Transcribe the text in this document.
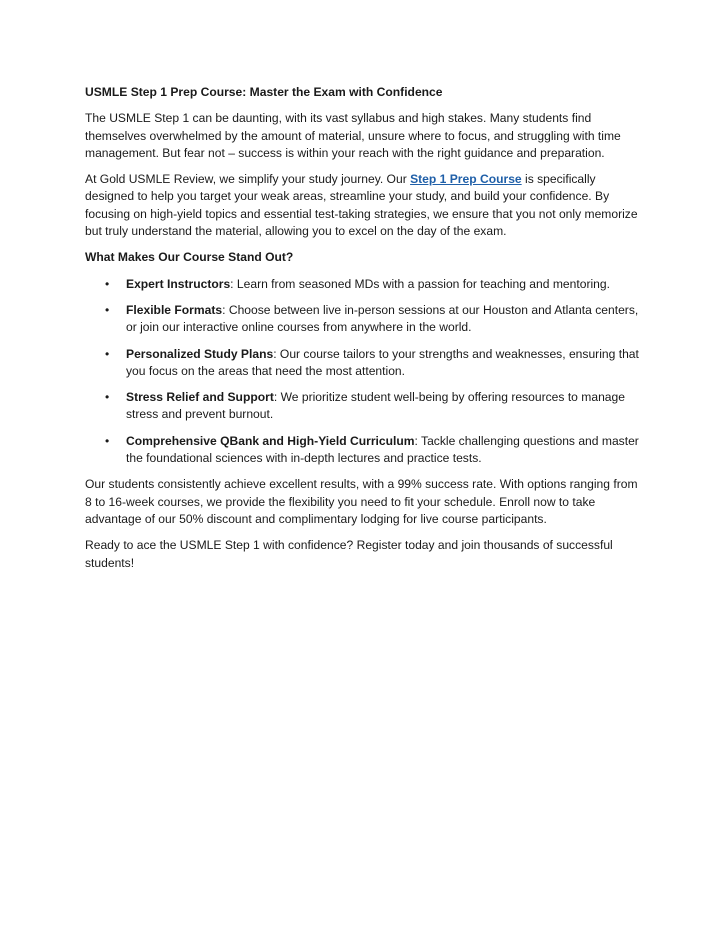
USMLE Step 1 Prep Course: Master the Exam with Confidence

The USMLE Step 1 can be daunting, with its vast syllabus and high stakes. Many students find themselves overwhelmed by the amount of material, unsure where to focus, and struggling with time management. But fear not – success is within your reach with the right guidance and preparation.

At Gold USMLE Review, we simplify your study journey. Our Step 1 Prep Course is specifically designed to help you target your weak areas, streamline your study, and build your confidence. By focusing on high-yield topics and essential test-taking strategies, we ensure that you not only memorize but truly understand the material, allowing you to excel on the day of the exam.

What Makes Our Course Stand Out?
• Expert Instructors: Learn from seasoned MDs with a passion for teaching and mentoring.
• Flexible Formats: Choose between live in-person sessions at our Houston and Atlanta centers, or join our interactive online courses from anywhere in the world.
• Personalized Study Plans: Our course tailors to your strengths and weaknesses, ensuring that you focus on the areas that need the most attention.
• Stress Relief and Support: We prioritize student well-being by offering resources to manage stress and prevent burnout.
• Comprehensive QBank and High-Yield Curriculum: Tackle challenging questions and master the foundational sciences with in-depth lectures and practice tests.

Our students consistently achieve excellent results, with a 99% success rate. With options ranging from 8 to 16-week courses, we provide the flexibility you need to fit your schedule. Enroll now to take advantage of our 50% discount and complimentary lodging for live course participants.

Ready to ace the USMLE Step 1 with confidence? Register today and join thousands of successful students!
